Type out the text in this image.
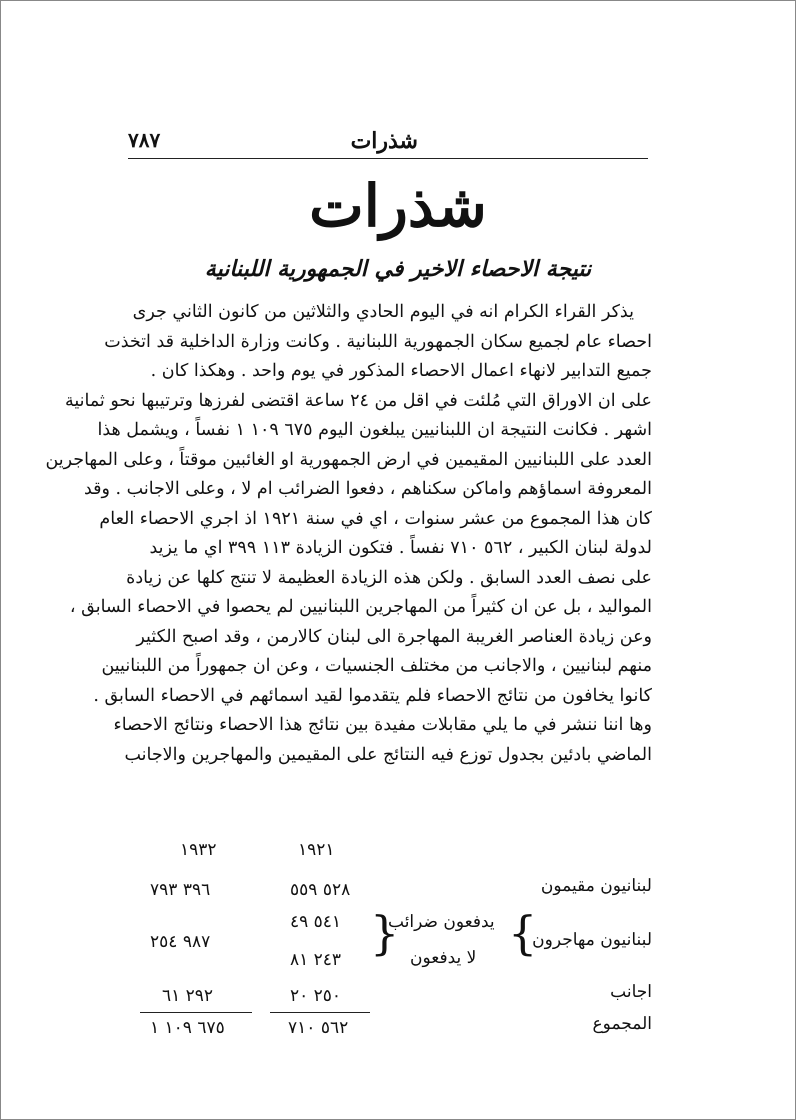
شذرات
٧٨٧
شذرات
نتيجة الاحصاء الاخير في الجمهورية اللبنانية
يذكر القراء الكرام انه في اليوم الحادي والثلاثين من كانون الثاني جرى
احصاء عام لجميع سكان الجمهورية اللبنانية . وكانت وزارة الداخلية قد اتخذت
جميع التدابير لانهاء اعمال الاحصاء المذكور في يوم واحد . وهكذا كان .
على ان الاوراق التي مُلئت في اقل من ٢٤ ساعة اقتضى لفرزها وترتيبها نحو ثمانية
اشهر . فكانت النتيجة ان اللبنانيين يبلغون اليوم ٦٧٥ ١٠٩ ١ نفساً ، ويشمل هذا
العدد على اللبنانيين المقيمين في ارض الجمهورية او الغائبين موقتاً ، وعلى المهاجرين
المعروفة اسماؤهم واماكن سكناهم ، دفعوا الضرائب ام لا ، وعلى الاجانب . وقد
كان هذا المجموع من عشر سنوات ، اي في سنة ١٩٢١ اذ اجري الاحصاء العام
لدولة لبنان الكبير ، ٥٦٢ ٧١٠ نفساً . فتكون الزيادة ١١٣ ٣٩٩ اي ما يزيد
على نصف العدد السابق . ولكن هذه الزيادة العظيمة لا تنتج كلها عن زيادة
المواليد ، بل عن ان كثيراً من المهاجرين اللبنانيين لم يحصوا في الاحصاء السابق ،
وعن زيادة العناصر الغريبة المهاجرة الى لبنان كالارمن ، وقد اصبح الكثير
منهم لبنانيين ، والاجانب من مختلف الجنسيات ، وعن ان جمهوراً من اللبنانيين
كانوا يخافون من نتائج الاحصاء فلم يتقدموا لقيد اسمائهم في الاحصاء السابق .
وها اننا ننشر في ما يلي مقابلات مفيدة بين نتائج هذا الاحصاء ونتائج الاحصاء
الماضي بادئين بجدول توزع فيه النتائج على المقيمين والمهاجرين والاجانب
١٩٢١
١٩٣٢
لبنانيون مقيمون
٥٢٨ ٥٥٩
٣٩٦ ٧٩٣
لبنانيون مهاجرون
}
يدفعون ضرائب
لا يدفعون
{
٥٤١ ٤٩
٢٤٣ ٨١
٩٨٧ ٢٥٤
اجانب
٢٥٠ ٢٠
٢٩٢ ٦١
المجموع
٥٦٢ ٧١٠
٦٧٥ ١٠٩ ١
